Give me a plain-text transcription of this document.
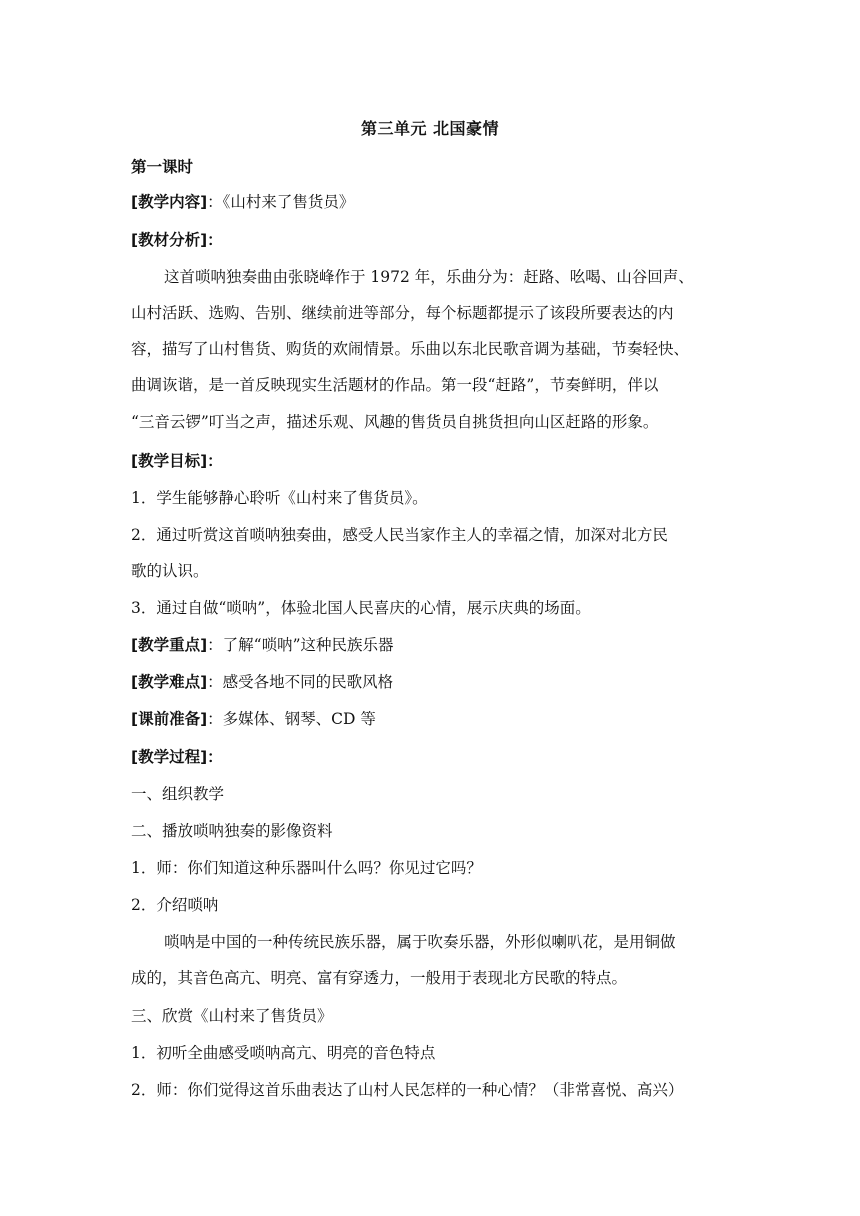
第三单元 北国豪情
第一课时
[教学内容]：《山村来了售货员》
[教材分析]：
这首唢呐独奏曲由张晓峰作于 1972 年，乐曲分为：赶路、吆喝、山谷回声、
山村活跃、选购、告别、继续前进等部分，每个标题都提示了该段所要表达的内
容，描写了山村售货、购货的欢闹情景。乐曲以东北民歌音调为基础，节奏轻快、
曲调诙谐，是一首反映现实生活题材的作品。第一段“赶路”，节奏鲜明，伴以
“三音云锣”叮当之声，描述乐观、风趣的售货员自挑货担向山区赶路的形象。
[教学目标]：
1．学生能够静心聆听《山村来了售货员》。
2．通过听赏这首唢呐独奏曲，感受人民当家作主人的幸福之情，加深对北方民
歌的认识。
3．通过自做“唢呐”，体验北国人民喜庆的心情，展示庆典的场面。
[教学重点]：了解“唢呐”这种民族乐器
[教学难点]：感受各地不同的民歌风格
[课前准备]：多媒体、钢琴、CD 等
[教学过程]：
一、组织教学
二、播放唢呐独奏的影像资料
1．师：你们知道这种乐器叫什么吗？你见过它吗？
2．介绍唢呐
唢呐是中国的一种传统民族乐器，属于吹奏乐器，外形似喇叭花，是用铜做
成的，其音色高亢、明亮、富有穿透力，一般用于表现北方民歌的特点。
三、欣赏《山村来了售货员》
1．初听全曲感受唢呐高亢、明亮的音色特点
2．师：你们觉得这首乐曲表达了山村人民怎样的一种心情？（非常喜悦、高兴）
